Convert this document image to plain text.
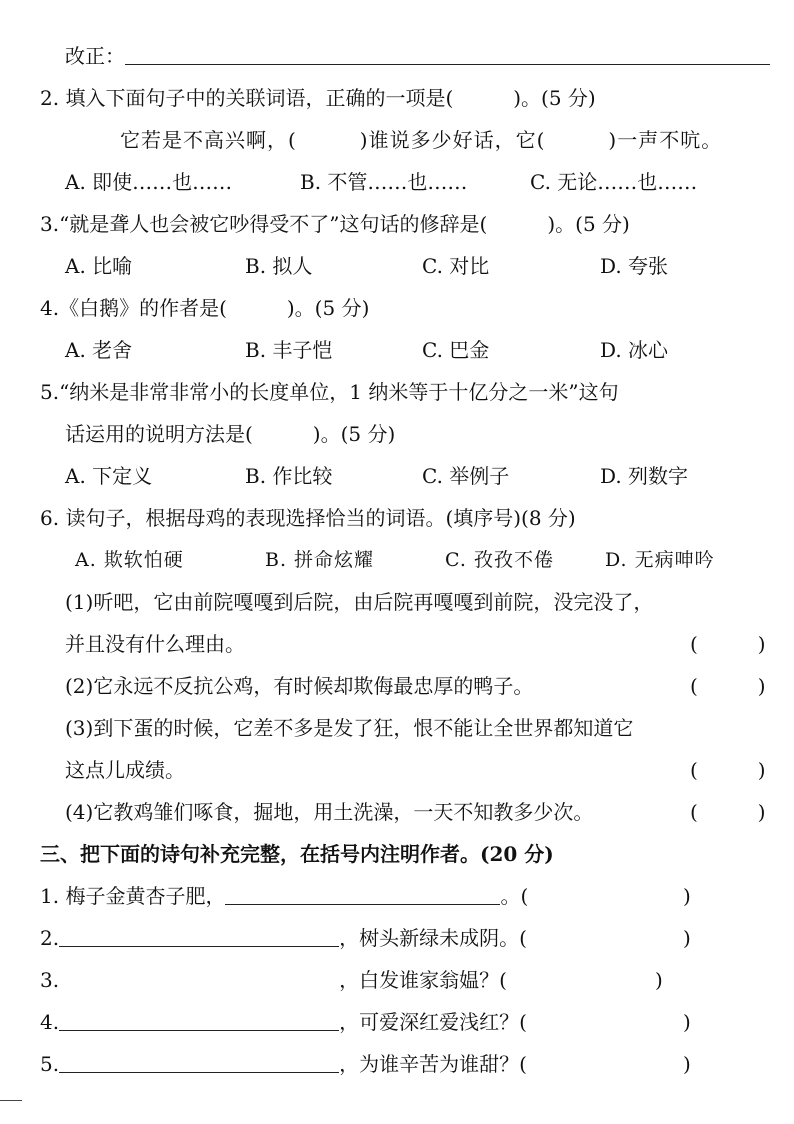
改正：
2. 填入下面句子中的关联词语，正确的一项是(　　　)。(5 分)
它若是不高兴啊，(　　　)谁说多少好话，它(　　　)一声不吭。
A. 即使……也……	B. 不管……也……	C. 无论……也……
3.“就是聋人也会被它吵得受不了”这句话的修辞是(　　　)。(5 分)
A. 比喻	B. 拟人	C. 对比	D. 夸张
4.《白鹅》的作者是(　　　)。(5 分)
A. 老舍	B. 丰子恺	C. 巴金	D. 冰心
5.“纳米是非常非常小的长度单位，1 纳米等于十亿分之一米”这句
话运用的说明方法是(　　　)。(5 分)
A. 下定义	B. 作比较	C. 举例子	D. 列数字
6. 读句子，根据母鸡的表现选择恰当的词语。(填序号)(8 分)
A. 欺软怕硬	B. 拼命炫耀	C. 孜孜不倦	D. 无病呻吟
(1)听吧，它由前院嘎嘎到后院，由后院再嘎嘎到前院，没完没了，
并且没有什么理由。	(　　　)
(2)它永远不反抗公鸡，有时候却欺侮最忠厚的鸭子。	(　　　)
(3)到下蛋的时候，它差不多是发了狂，恨不能让全世界都知道它
这点儿成绩。	(　　　)
(4)它教鸡雏们啄食，掘地，用土洗澡，一天不知教多少次。	(　　　)
三、把下面的诗句补充完整，在括号内注明作者。(20 分)
1. 梅子金黄杏子肥，	。(	)
2.	，树头新绿未成阴。(	)
3.	，白发谁家翁媪？(	)
4.	，可爱深红爱浅红？(	)
5.	，为谁辛苦为谁甜？(	)
